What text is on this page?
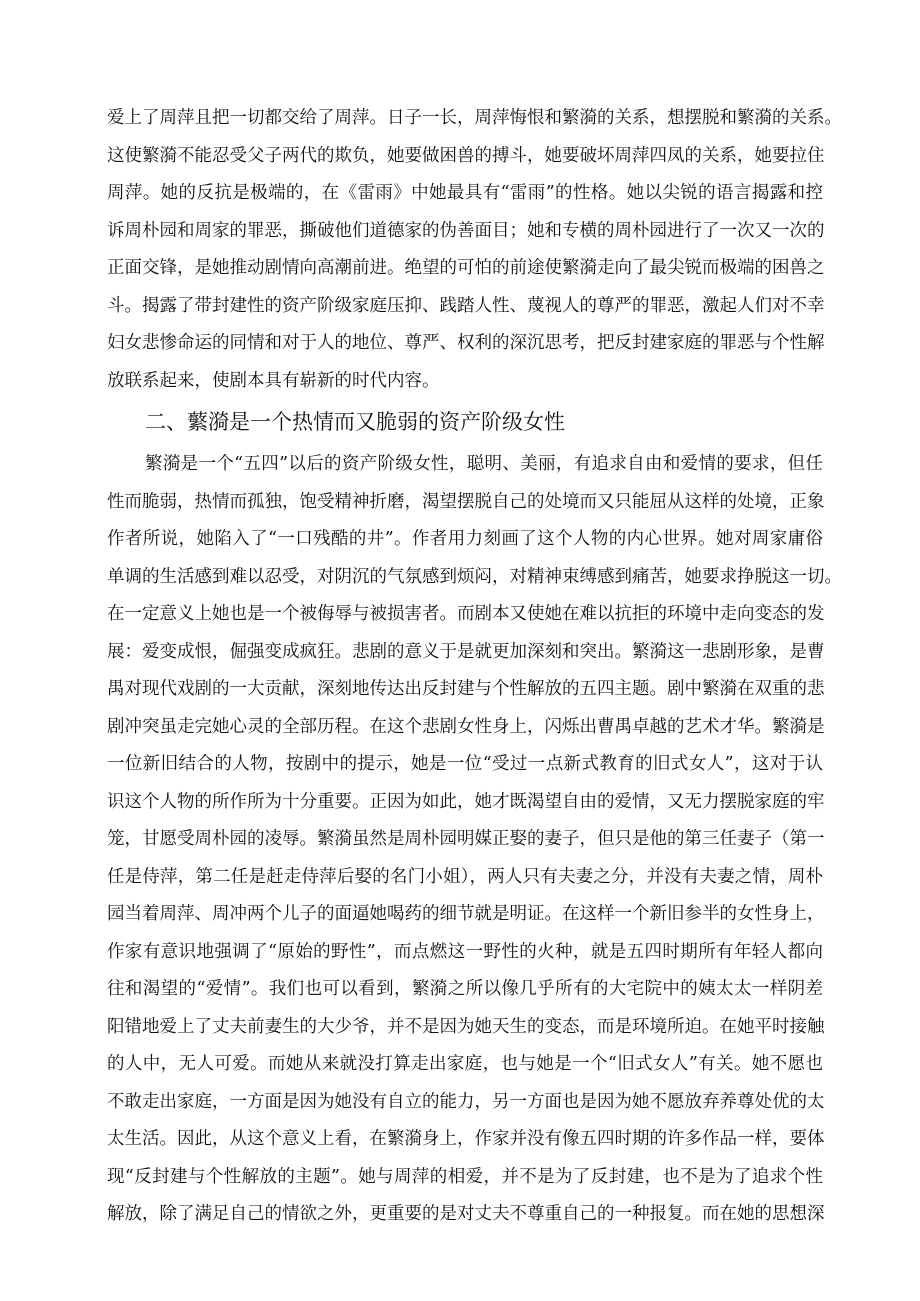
爱上了周萍且把一切都交给了周萍。日子一长，周萍悔恨和繁漪的关系，想摆脱和繁漪的关系。
这使繁漪不能忍受父子两代的欺负，她要做困兽的搏斗，她要破坏周萍四凤的关系，她要拉住
周萍。她的反抗是极端的，在《雷雨》中她最具有“雷雨”的性格。她以尖锐的语言揭露和控
诉周朴园和周家的罪恶，撕破他们道德家的伪善面目；她和专横的周朴园进行了一次又一次的
正面交锋，是她推动剧情向高潮前进。绝望的可怕的前途使繁漪走向了最尖锐而极端的困兽之
斗。揭露了带封建性的资产阶级家庭压抑、践踏人性、蔑视人的尊严的罪恶，激起人们对不幸
妇女悲惨命运的同情和对于人的地位、尊严、权利的深沉思考，把反封建家庭的罪恶与个性解
放联系起来，使剧本具有崭新的时代内容。
二、蘩漪是一个热情而又脆弱的资产阶级女性
繁漪是一个“五四”以后的资产阶级女性，聪明、美丽，有追求自由和爱情的要求，但任
性而脆弱，热情而孤独，饱受精神折磨，渴望摆脱自己的处境而又只能屈从这样的处境，正象
作者所说，她陷入了“一口残酷的井”。作者用力刻画了这个人物的内心世界。她对周家庸俗
单调的生活感到难以忍受，对阴沉的气氛感到烦闷，对精神束缚感到痛苦，她要求挣脱这一切。
在一定意义上她也是一个被侮辱与被损害者。而剧本又使她在难以抗拒的环境中走向变态的发
展：爱变成恨，倔强变成疯狂。悲剧的意义于是就更加深刻和突出。繁漪这一悲剧形象，是曹
禺对现代戏剧的一大贡献，深刻地传达出反封建与个性解放的五四主题。剧中繁漪在双重的悲
剧冲突虽走完她心灵的全部历程。在这个悲剧女性身上，闪烁出曹禺卓越的艺术才华。繁漪是
一位新旧结合的人物，按剧中的提示，她是一位“受过一点新式教育的旧式女人”，这对于认
识这个人物的所作所为十分重要。正因为如此，她才既渴望自由的爱情，又无力摆脱家庭的牢
笼，甘愿受周朴园的凌辱。繁漪虽然是周朴园明媒正娶的妻子，但只是他的第三任妻子（第一
任是侍萍，第二任是赶走侍萍后娶的名门小姐），两人只有夫妻之分，并没有夫妻之情，周朴
园当着周萍、周冲两个儿子的面逼她喝药的细节就是明证。在这样一个新旧参半的女性身上，
作家有意识地强调了“原始的野性”，而点燃这一野性的火种，就是五四时期所有年轻人都向
往和渴望的“爱情”。我们也可以看到，繁漪之所以像几乎所有的大宅院中的姨太太一样阴差
阳错地爱上了丈夫前妻生的大少爷，并不是因为她天生的变态，而是环境所迫。在她平时接触
的人中，无人可爱。而她从来就没打算走出家庭，也与她是一个“旧式女人”有关。她不愿也
不敢走出家庭，一方面是因为她没有自立的能力，另一方面也是因为她不愿放弃养尊处优的太
太生活。因此，从这个意义上看，在繁漪身上，作家并没有像五四时期的许多作品一样，要体
现“反封建与个性解放的主题”。她与周萍的相爱，并不是为了反封建，也不是为了追求个性
解放，除了满足自己的情欲之外，更重要的是对丈夫不尊重自己的一种报复。而在她的思想深
